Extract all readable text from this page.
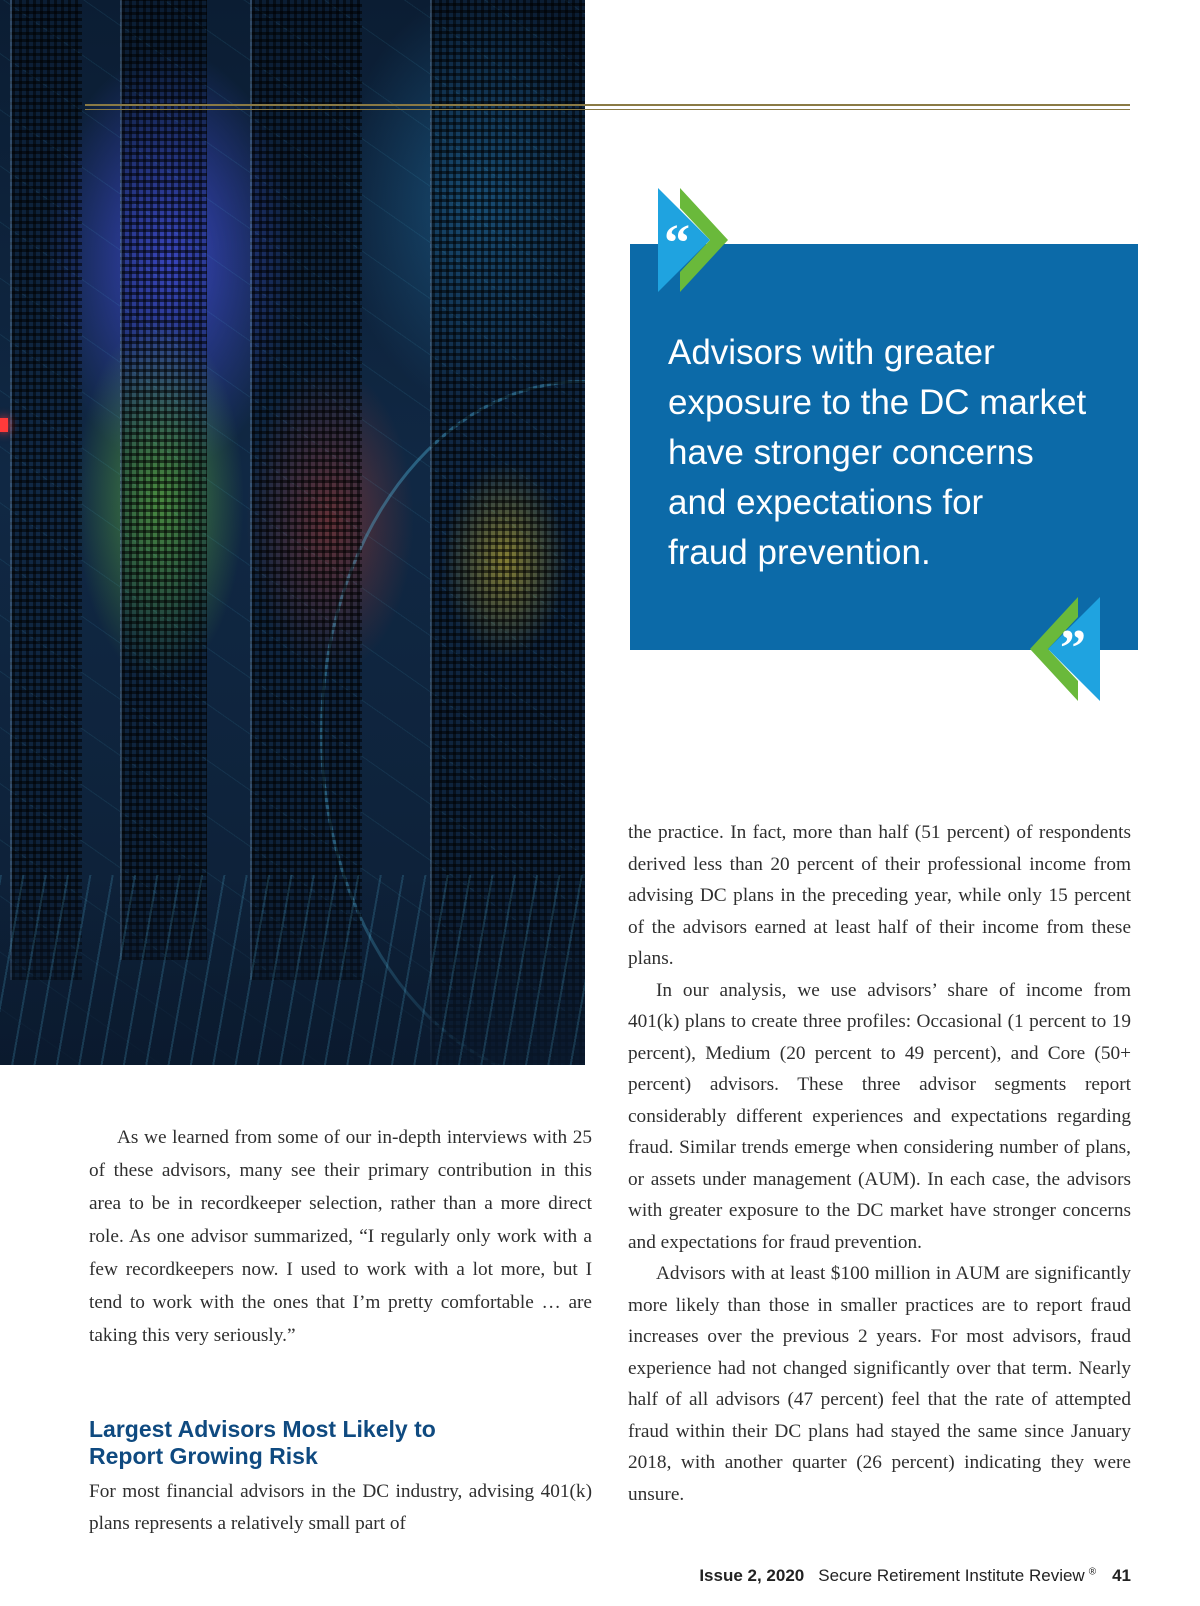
“
”
Advisors with greater
exposure to the DC market
have stronger concerns
and expectations for
fraud prevention.

the practice. In fact, more than half (51 percent) of respondents derived less than 20 percent of their professional income from advising DC plans in the preceding year, while only 15 percent of the advisors earned at least half of their income from these plans.

In our analysis, we use advisors’ share of income from 401(k) plans to create three profiles: Occasional (1 percent to 19 percent), Medium (20 percent to 49 percent), and Core (50+ percent) advisors. These three advisor segments report considerably different experiences and expectations regarding fraud. Similar trends emerge when considering number of plans, or assets under management (AUM). In each case, the advisors with greater exposure to the DC market have stronger concerns and expectations for fraud prevention.

Advisors with at least $100 million in AUM are significantly more likely than those in smaller practices are to report fraud increases over the previous 2 years. For most advisors, fraud experience had not changed significantly over that term. Nearly half of all advisors (47 percent) feel that the rate of attempted fraud within their DC plans had stayed the same since January 2018, with another quarter (26 percent) indicating they were unsure.

As we learned from some of our in-depth interviews with 25 of these advisors, many see their primary contribution in this area to be in recordkeeper selection, rather than a more direct role. As one advisor summarized, “I regularly only work with a few recordkeepers now. I used to work with a lot more, but I tend to work with the ones that I’m pretty comfortable … are taking this very seriously.”

Largest Advisors Most Likely to
Report Growing Risk

For most financial advisors in the DC industry, advising 401(k) plans represents a relatively small part of

Issue 2, 2020 Secure Retirement Institute Review ® 41
